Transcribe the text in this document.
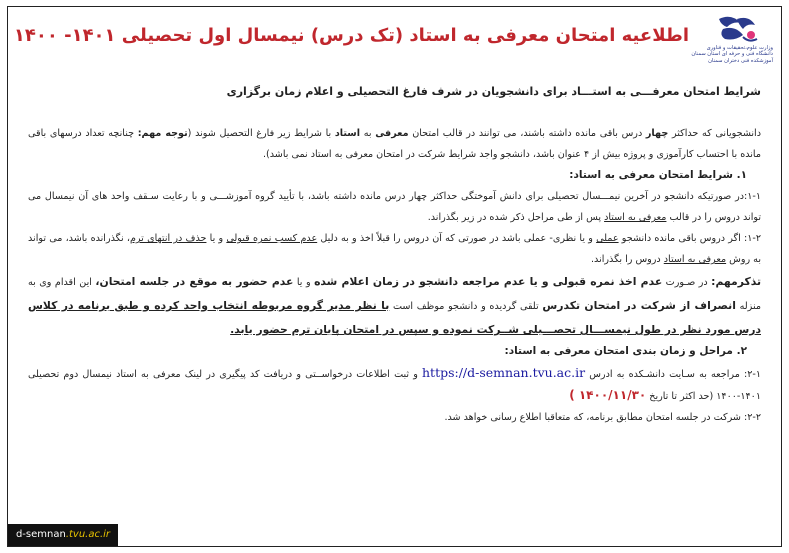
اطلاعیه امتحان معرفی به استاد (تک درس) نیمسال اول تحصیلی ۱۴۰۱- ۱۴۰۰
وزارت علوم،تحقیقات و فناوری
دانشگاه فنی و حرفه ای استان سمنان
آموزشکده فنی دختران سمنان
شرایط امتحان معرفـــی به استـــاد برای دانشجویان در شرف فارغ التحصیلی و اعلام زمان برگزاری

دانشجویانی که حداکثر چهار درس باقی مانده داشته باشند، می توانند در قالب امتحان معرفی به استاد با شرایط زیر فارغ التحصیل شوند (توجه مهم: چنانچه تعداد درسهای باقی مانده با احتساب کارآموزی و پروژه بیش از ۴ عنوان باشد، دانشجو واجد شرایط شرکت در امتحان معرفی به استاد نمی باشد).

۱. شرایط امتحان معرفی به استاد:

۱-۱:در صورتیکه دانشجو در آخرین نیمـــسال تحصیلی برای دانش آموختگی حداکثر چهار درس مانده داشته باشد، با تأیید گروه آموزشـــی و با رعایت سـقف واحد های آن نیمسال می تواند دروس را در قالب معرفی به استاد پس از طی مراحل ذکر شده در زیر بگذراند.

۱-۲: اگر دروس باقی مانده دانشجو عملی و یا نظری- عملی باشد در صورتی که آن دروس را قبلاً اخذ و به دلیل عدم کسب نمره قبولی و یا حذف در انتهای ترم، نگذرانده باشد، می تواند به روش معرفی به استاد دروس را بگذراند.

تذکرمهم: در صـورت عدم اخذ نمره قبولی و یا عدم مراجعه دانشجو در زمان اعلام شده و یا عدم حضور به موقع در جلسه امتحان، این اقدام وی به منزله انصراف از شرکت در امتحان تکدرس تلقی گردیده و دانشجو موظف است با نظر مدیر گروه مربوطه انتخاب واحد کرده و طبق برنامه در کلاس درس مورد نظر در طول نیمســـال تحصـــیلی شــرکت نموده و سپس در امتحان پایان ترم حضور یابد.

۲. مراحل و زمان بندی امتحان معرفی به استاد:

۲-۱: مراجعه به سـایت دانشـکده به ادرس https://d-semnan.tvu.ac.ir و ثبت اطلاعات درخواســتی و دریافت کد پیگیری در لینک معرفی به استاد نیمسال دوم تحصیلی ۱۴۰۱-۱۴۰۰ (حد اکثر تا تاریخ ۱۴۰۰/۱۱/۳۰ )

۲-۲: شرکت در جلسه امتحان مطابق برنامه، که متعاقبا اطلاع رسانی خواهد شد.

d-semnan.tvu.ac.ir
